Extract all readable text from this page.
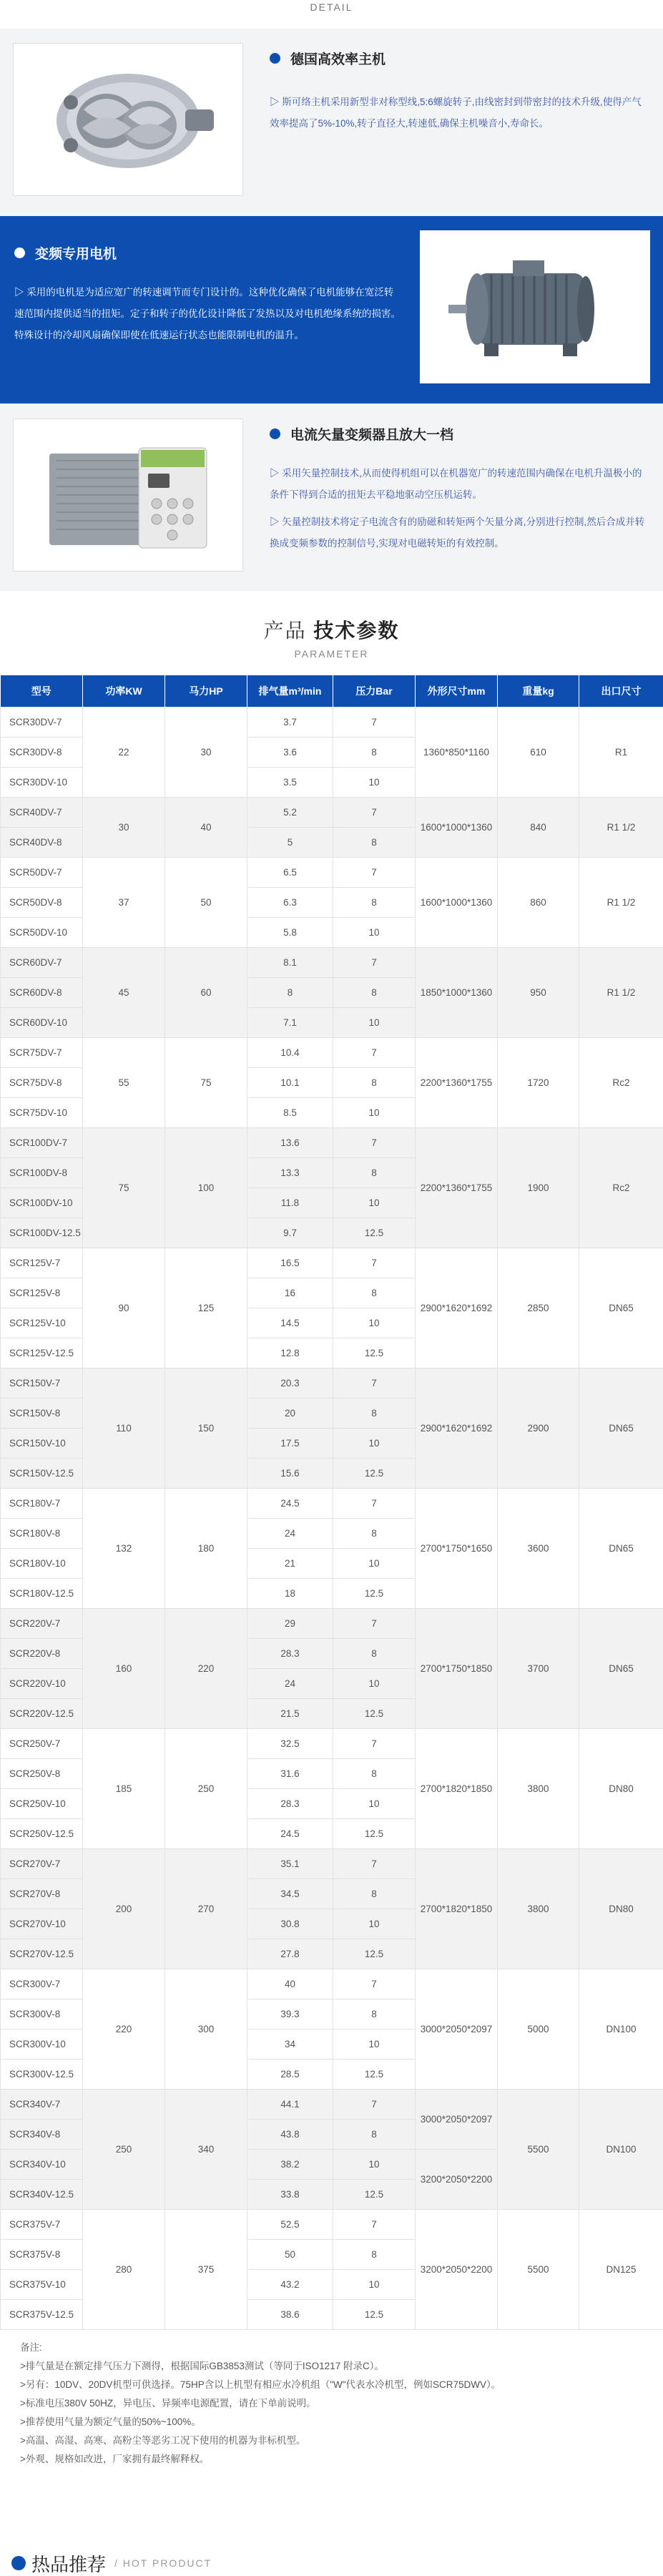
DETAIL
德国高效率主机
▷ 斯可络主机采用新型非对称型线,5:6螺旋转子,由线密封到带密封的技术升级,使得产气效率提高了5%-10%,转子直径大,转速低,确保主机噪音小,寿命长。
变频专用电机
▷ 采用的电机是为适应宽广的转速调节而专门设计的。这种优化确保了电机能够在宽泛转速范围内提供适当的扭矩。定子和转子的优化设计降低了发热以及对电机绝缘系统的损害。特殊设计的冷却风扇确保即使在低速运行状态也能限制电机的温升。
电流矢量变频器且放大一档

▷ 采用矢量控制技术,从而使得机组可以在机器宽广的转速范围内确保在电机升温极小的条件下得到合适的扭矩去平稳地驱动空压机运转。

▷ 矢量控制技术将定子电流含有的励磁和转矩两个矢量分离,分别进行控制,然后合成并转换成变频参数的控制信号,实现对电磁转矩的有效控制。

产品 技术参数
PARAMETER
型号	功率KW	马力HP	排气量m³/min	压力Bar	外形尺寸mm	重量kg	出口尺寸
SCR30DV-7	22	30	3.7	7	1360*850*1160	610	R1
SCR30DV-8			3.6	8			
SCR30DV-10			3.5	10			
SCR40DV-7	30	40	5.2	7	1600*1000*1360	840	R1 1/2
SCR40DV-8			5	8			
SCR50DV-7	37	50	6.5	7	1600*1000*1360	860	R1 1/2
SCR50DV-8			6.3	8			
SCR50DV-10			5.8	10			
SCR60DV-7	45	60	8.1	7	1850*1000*1360	950	R1 1/2
SCR60DV-8			8	8			
SCR60DV-10			7.1	10			
SCR75DV-7	55	75	10.4	7	2200*1360*1755	1720	Rc2
SCR75DV-8			10.1	8			
SCR75DV-10			8.5	10			
SCR100DV-7	75	100	13.6	7	2200*1360*1755	1900	Rc2
SCR100DV-8			13.3	8			
SCR100DV-10			11.8	10			
SCR100DV-12.5			9.7	12.5			
SCR125V-7	90	125	16.5	7	2900*1620*1692	2850	DN65
SCR125V-8			16	8			
SCR125V-10			14.5	10			
SCR125V-12.5			12.8	12.5			
SCR150V-7	110	150	20.3	7	2900*1620*1692	2900	DN65
SCR150V-8			20	8			
SCR150V-10			17.5	10			
SCR150V-12.5			15.6	12.5			
SCR180V-7	132	180	24.5	7	2700*1750*1650	3600	DN65
SCR180V-8			24	8			
SCR180V-10			21	10			
SCR180V-12.5			18	12.5			
SCR220V-7	160	220	29	7	2700*1750*1850	3700	DN65
SCR220V-8			28.3	8			
SCR220V-10			24	10			
SCR220V-12.5			21.5	12.5			
SCR250V-7	185	250	32.5	7	2700*1820*1850	3800	DN80
SCR250V-8			31.6	8			
SCR250V-10			28.3	10			
SCR250V-12.5			24.5	12.5			
SCR270V-7	200	270	35.1	7	2700*1820*1850	3800	DN80
SCR270V-8			34.5	8			
SCR270V-10			30.8	10			
SCR270V-12.5			27.8	12.5			
SCR300V-7	220	300	40	7	3000*2050*2097	5000	DN100
SCR300V-8			39.3	8			
SCR300V-10			34	10			
SCR300V-12.5			28.5	12.5			
SCR340V-7	250	340	44.1	7	3000*2050*2097	5500	DN100
SCR340V-8			43.8	8			
SCR340V-10			38.2	10	3200*2050*2200		
SCR340V-12.5			33.8	12.5			
SCR375V-7	280	375	52.5	7	3200*2050*2200	5500	DN125
SCR375V-8			50	8			
SCR375V-10			43.2	10			
SCR375V-12.5			38.6	12.5			
备注:
>排气量是在额定排气压力下测得，根据国际GB3853测试（等同于ISO1217 附录C）。
>另有：10DV、20DV机型可供选择。75HP含以上机型有相应水冷机组（"W"代表水冷机型，例如SCR75DWV）。
>标准电压380V 50HZ，异电压、异频率电源配置，请在下单前说明。
>推荐使用气量为额定气量的50%~100%。
>高温、高湿、高寒、高粉尘等恶劣工况下使用的机器为非标机型。
>外观、规格如改进，厂家拥有最终解释权。
热品推荐 / HOT PRODUCT
